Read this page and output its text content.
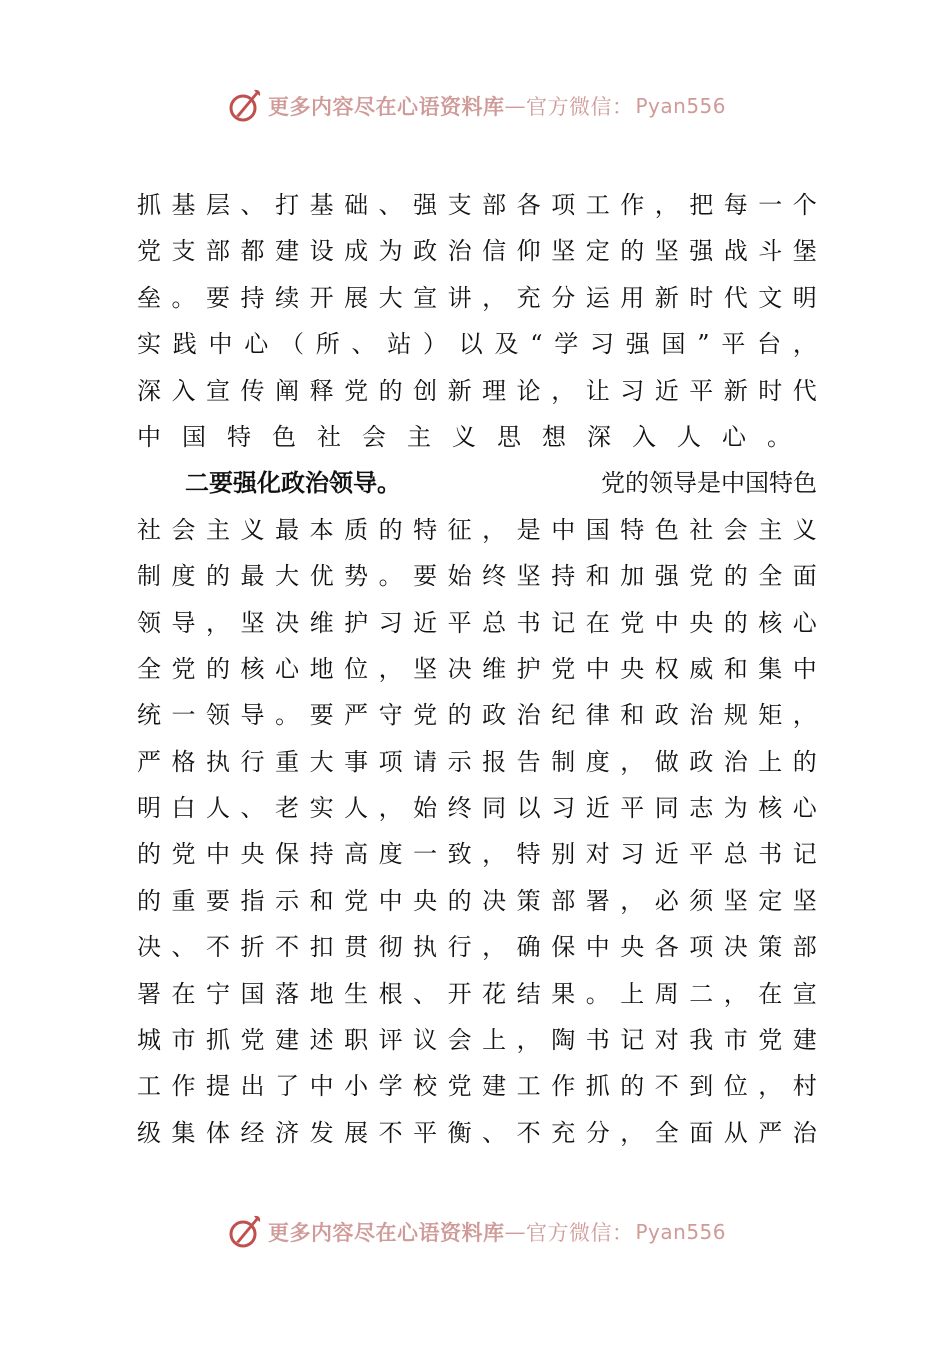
更多内容尽在心语资料库 — 官方微信： Pyan556
抓 基 层 、 打 基 础 、 强 支 部 各 项 工 作 ， 把 每 一 个
党 支 部 都 建 设 成 为 政 治 信 仰 坚 定 的 坚 强 战 斗 堡
垒 。 要 持 续 开 展 大 宣 讲 ， 充 分 运 用 新 时 代 文 明
实 践 中 心 （ 所 、 站 ） 以 及 “ 学 习 强 国 ” 平 台 ，
深 入 宣 传 阐 释 党 的 创 新 理 论 ， 让 习 近 平 新 时 代
中 国 特 色 社 会 主 义 思 想 深 入 人 心 。
二要强化政治领导。	党的领导是中国特色
社 会 主 义 最 本 质 的 特 征 ， 是 中 国 特 色 社 会 主 义
制 度 的 最 大 优 势 。 要 始 终 坚 持 和 加 强 党 的 全 面
领 导 ， 坚 决 维 护 习 近 平 总 书 记 在 党 中 央 的 核 心
全 党 的 核 心 地 位 ， 坚 决 维 护 党 中 央 权 威 和 集 中
统 一 领 导 。 要 严 守 党 的 政 治 纪 律 和 政 治 规 矩 ，
严 格 执 行 重 大 事 项 请 示 报 告 制 度 ， 做 政 治 上 的
明 白 人 、 老 实 人 ， 始 终 同 以 习 近 平 同 志 为 核 心
的 党 中 央 保 持 高 度 一 致 ， 特 别 对 习 近 平 总 书 记
的 重 要 指 示 和 党 中 央 的 决 策 部 署 ， 必 须 坚 定 坚
决 、 不 折 不 扣 贯 彻 执 行 ， 确 保 中 央 各 项 决 策 部
署 在 宁 国 落 地 生 根 、 开 花 结 果 。 上 周 二 ， 在 宣
城 市 抓 党 建 述 职 评 议 会 上 ， 陶 书 记 对 我 市 党 建
工 作 提 出 了 中 小 学 校 党 建 工 作 抓 的 不 到 位 ， 村
级 集 体 经 济 发 展 不 平 衡 、 不 充 分 ， 全 面 从 严 治
更多内容尽在心语资料库 — 官方微信： Pyan556
